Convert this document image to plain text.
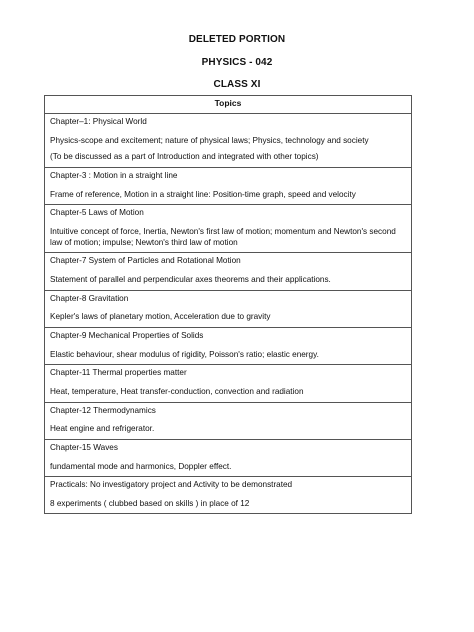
DELETED PORTION
PHYSICS - 042
CLASS XI
Topics

Chapter–1: Physical World
Physics-scope and excitement; nature of physical laws; Physics, technology and society
(To be discussed as a part of Introduction and integrated with other topics)

Chapter-3 : Motion in a straight line
Frame of reference, Motion in a straight line: Position-time graph, speed and velocity

Chapter-5 Laws of Motion
Intuitive concept of force, Inertia, Newton's first law of motion; momentum and Newton's second law of motion; impulse; Newton's third law of motion

Chapter-7 System of Particles and Rotational Motion
Statement of parallel and perpendicular axes theorems and their applications.

Chapter-8 Gravitation
Kepler's laws of planetary motion, Acceleration due to gravity

Chapter-9 Mechanical Properties of Solids
Elastic behaviour, shear modulus of rigidity, Poisson's ratio; elastic energy.

Chapter-11 Thermal properties matter
Heat, temperature, Heat transfer-conduction, convection and radiation

Chapter-12 Thermodynamics
Heat engine and refrigerator.

Chapter-15 Waves
fundamental mode and harmonics, Doppler effect.

Practicals: No investigatory project and Activity to be demonstrated
8 experiments ( clubbed based on skills ) in place of 12
